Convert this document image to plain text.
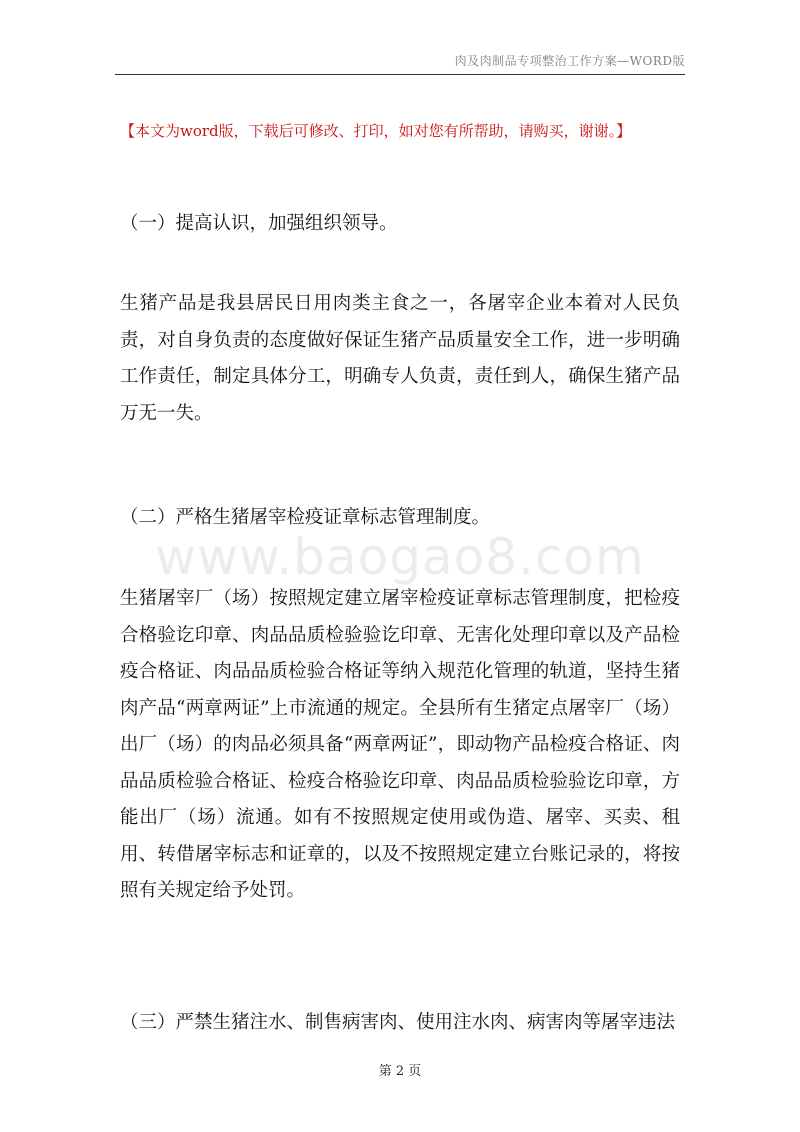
肉及肉制品专项整治工作方案—WORD版
【本文为word版，下载后可修改、打印，如对您有所帮助，请购买，谢谢。】
（一）提高认识，加强组织领导。
生猪产品是我县居民日用肉类主食之一，各屠宰企业本着对人民负责，对自身负责的态度做好保证生猪产品质量安全工作，进一步明确工作责任，制定具体分工，明确专人负责，责任到人，确保生猪产品万无一失。
（二）严格生猪屠宰检疫证章标志管理制度。
www.baogao8.com
生猪屠宰厂（场）按照规定建立屠宰检疫证章标志管理制度，把检疫合格验讫印章、肉品品质检验验讫印章、无害化处理印章以及产品检疫合格证、肉品品质检验合格证等纳入规范化管理的轨道，坚持生猪肉产品“两章两证”上市流通的规定。全县所有生猪定点屠宰厂（场）出厂（场）的肉品必须具备“两章两证”，即动物产品检疫合格证、肉品品质检验合格证、检疫合格验讫印章、肉品品质检验验讫印章，方能出厂（场）流通。如有不按照规定使用或伪造、屠宰、买卖、租用、转借屠宰标志和证章的，以及不按照规定建立台账记录的，将按照有关规定给予处罚。
（三）严禁生猪注水、制售病害肉、使用注水肉、病害肉等屠宰违法
第 2 页
